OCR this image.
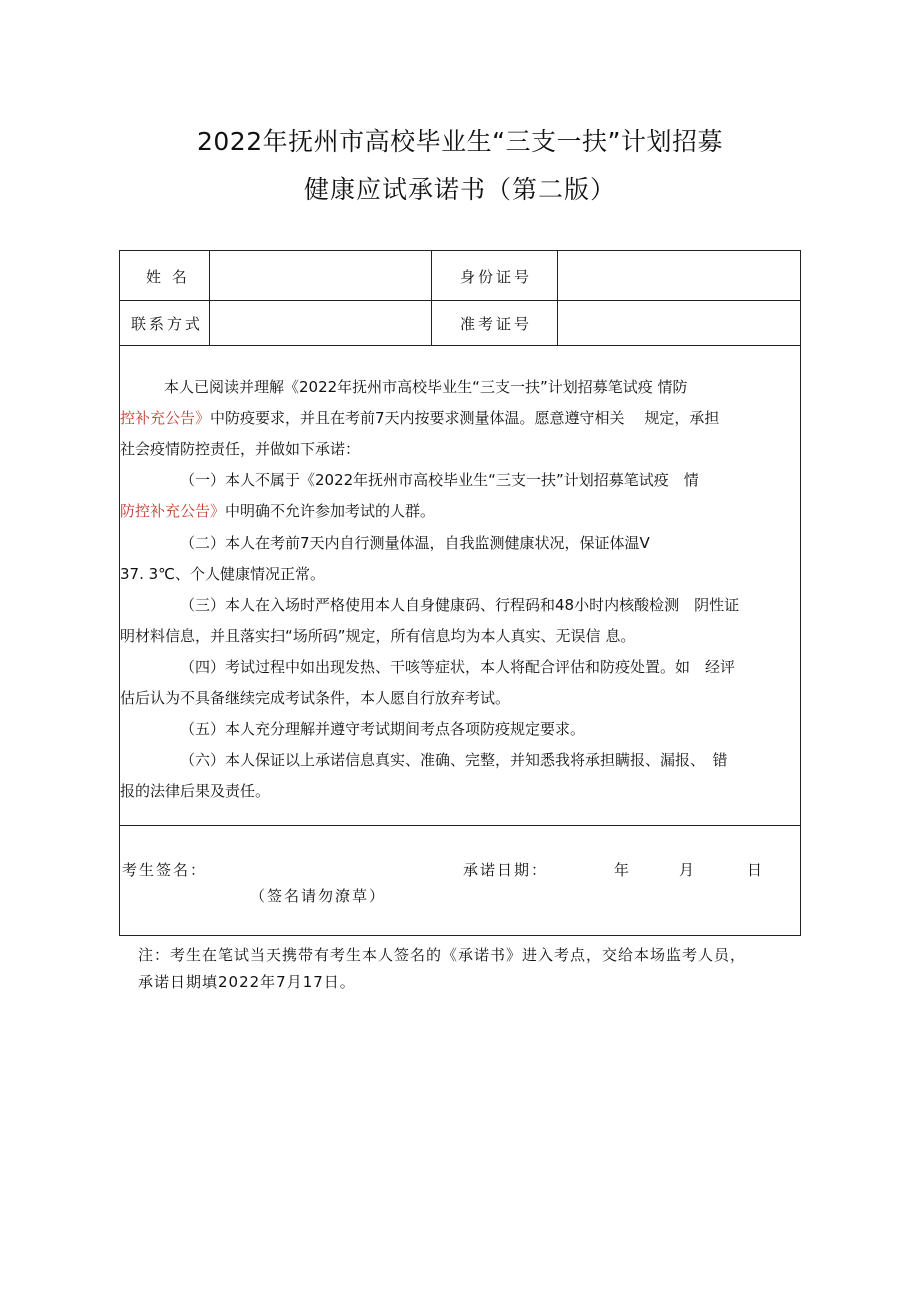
2022年抚州市高校毕业生“三支一扶”计划招募
健康应试承诺书（第二版）
姓 名	身份证号
联系方式	准考证号
本人已阅读并理解《2022年抚州市高校毕业生“三支一扶”计划招募笔试疫 情防
控补充公告》中防疫要求，并且在考前7天内按要求测量体温。愿意遵守相关　 规定，承担
社会疫情防控责任，并做如下承诺：
（一）本人不属于《2022年抚州市高校毕业生“三支一扶”计划招募笔试疫　情
防控补充公告》中明确不允许参加考试的人群。
（二）本人在考前7天内自行测量体温，自我监测健康状况，保证体温V
37. 3℃、个人健康情况正常。
（三）本人在入场时严格使用本人自身健康码、行程码和48小时内核酸检测　阴性证
明材料信息，并且落实扫“场所码”规定，所有信息均为本人真实、无误信 息。
（四）考试过程中如出现发热、干咳等症状，本人将配合评估和防疫处置。如　经评
估后认为不具备继续完成考试条件，本人愿自行放弃考试。
（五）本人充分理解并遵守考试期间考点各项防疫规定要求。
（六）本人保证以上承诺信息真实、准确、完整，并知悉我将承担瞒报、漏报、　错
报的法律后果及责任。
考生签名：	承诺日期：	年	月	日
（签名请勿潦草）
注：考生在笔试当天携带有考生本人签名的《承诺书》进入考点，交给本场监考人员，
承诺日期填2022年7月17日。
